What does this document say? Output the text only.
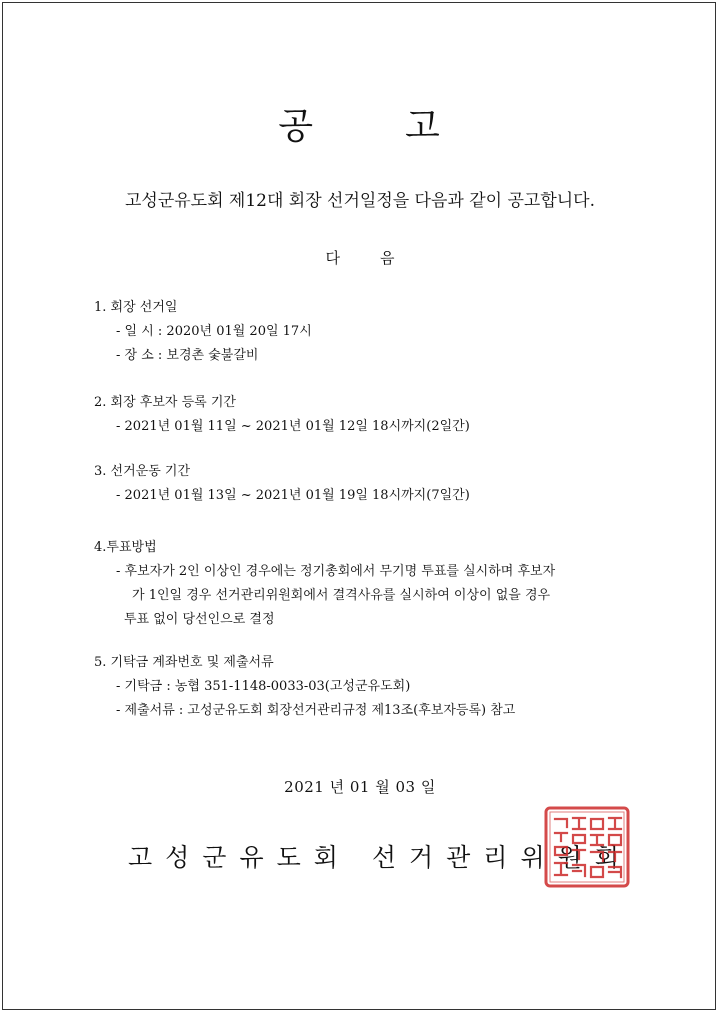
공	고
고성군유도회 제12대 회장 선거일정을 다음과 같이 공고합니다.
다	음
1. 회장 선거일
- 일 시 : 2020년 01월 20일 17시
- 장 소 : 보경촌 숯불갈비
2. 회장 후보자 등록 기간
- 2021년 01월 11일 ~ 2021년 01월 12일 18시까지(2일간)
3. 선거운동 기간
- 2021년 01월 13일 ~ 2021년 01월 19일 18시까지(7일간)
4.투표방법
- 후보자가 2인 이상인 경우에는 정기총회에서 무기명 투표를 실시하며 후보자
가 1인일 경우 선거관리위원회에서 결격사유를 실시하여 이상이 없을 경우
투표 없이 당선인으로 결정
5. 기탁금 계좌번호 및 제출서류
- 기탁금 : 농협 351-1148-0033-03(고성군유도회)
- 제출서류 : 고성군유도회 회장선거관리규정 제13조(후보자등록) 참고
2021 년 01 월 03 일
고성군유도회 선거관리위원회
